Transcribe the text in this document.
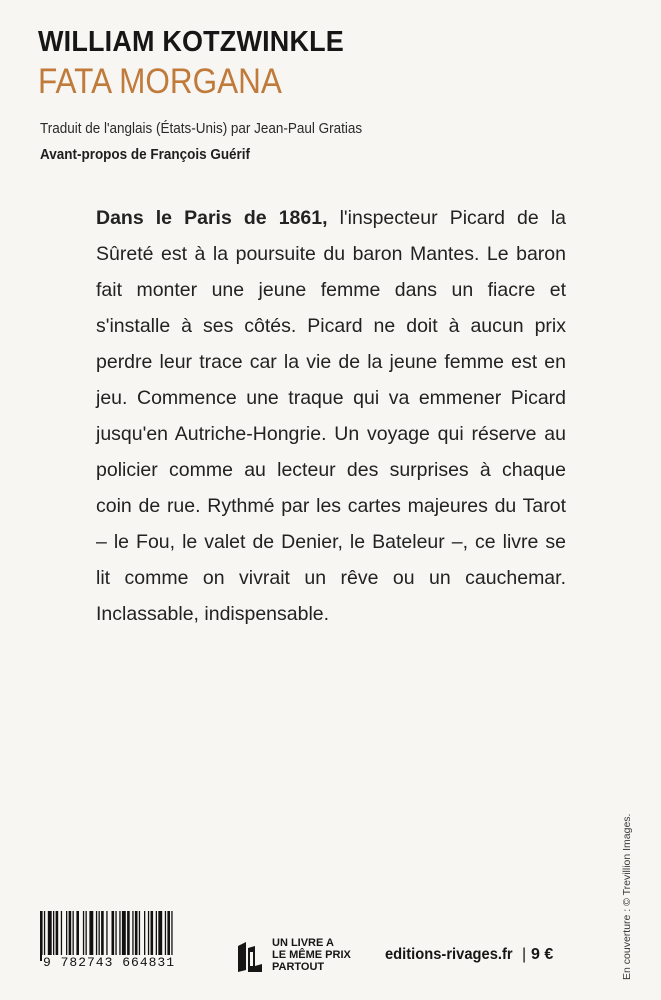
WILLIAM KOTZWINKLE
FATA MORGANA
Traduit de l'anglais (États-Unis) par Jean-Paul Gratias
Avant-propos de François Guérif
Dans le Paris de 1861, l'inspecteur Picard de la Sûreté est à la poursuite du baron Mantes. Le baron fait monter une jeune femme dans un fiacre et s'installe à ses côtés. Picard ne doit à aucun prix perdre leur trace car la vie de la jeune femme est en jeu. Commence une traque qui va emmener Picard jusqu'en Autriche-Hongrie. Un voyage qui réserve au policier comme au lecteur des surprises à chaque coin de rue. Rythmé par les cartes majeures du Tarot – le Fou, le valet de Denier, le Bateleur –, ce livre se lit comme on vivrait un rêve ou un cauchemar. Inclassable, indispensable.
En couverture : © Trevillion Images.
9 782743 664831
UN LIVRE A
LE MÊME PRIX
PARTOUT
editions-rivages.fr | 9 €
